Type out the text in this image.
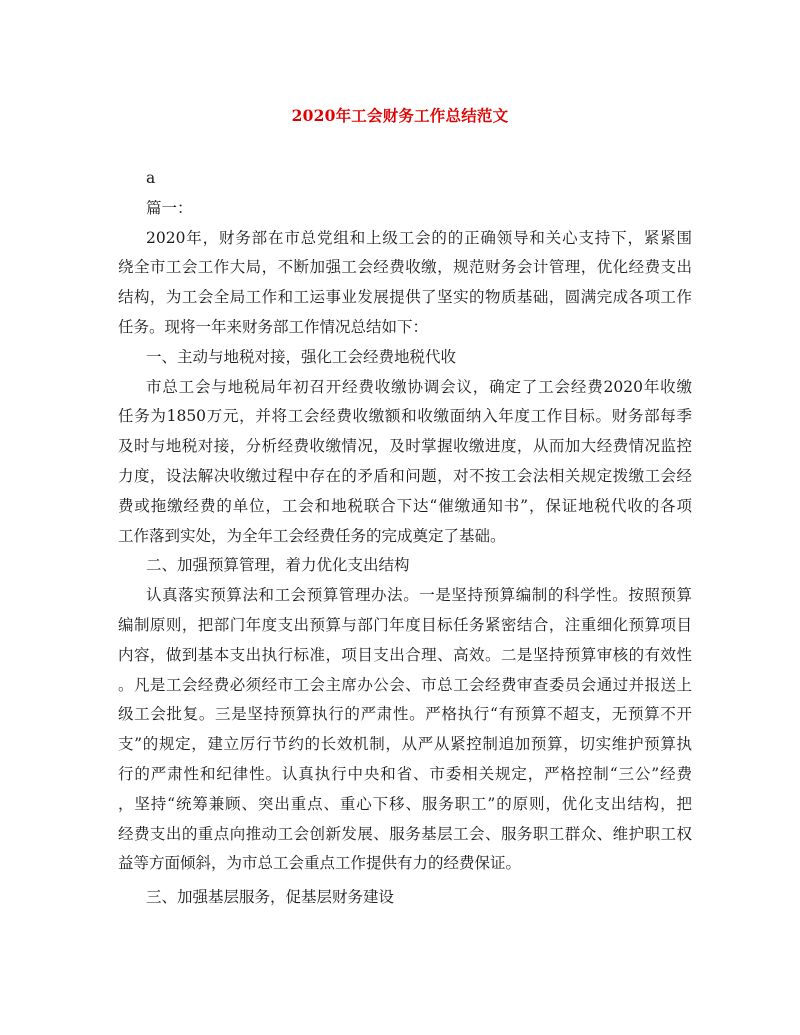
2020年工会财务工作总结范文
a
篇一：
2020年，财务部在市总党组和上级工会的的正确领导和关心支持下，紧紧围
绕全市工会工作大局，不断加强工会经费收缴，规范财务会计管理，优化经费支出
结构，为工会全局工作和工运事业发展提供了坚实的物质基础，圆满完成各项工作
任务。现将一年来财务部工作情况总结如下：
一、主动与地税对接，强化工会经费地税代收
市总工会与地税局年初召开经费收缴协调会议，确定了工会经费2020年收缴
任务为1850万元，并将工会经费收缴额和收缴面纳入年度工作目标。财务部每季
及时与地税对接，分析经费收缴情况，及时掌握收缴进度，从而加大经费情况监控
力度，设法解决收缴过程中存在的矛盾和问题，对不按工会法相关规定拨缴工会经
费或拖缴经费的单位，工会和地税联合下达“催缴通知书”，保证地税代收的各项
工作落到实处，为全年工会经费任务的完成奠定了基础。
二、加强预算管理，着力优化支出结构
认真落实预算法和工会预算管理办法。一是坚持预算编制的科学性。按照预算
编制原则，把部门年度支出预算与部门年度目标任务紧密结合，注重细化预算项目
内容，做到基本支出执行标准，项目支出合理、高效。二是坚持预算审核的有效性
。凡是工会经费必须经市工会主席办公会、市总工会经费审查委员会通过并报送上
级工会批复。三是坚持预算执行的严肃性。严格执行“有预算不超支，无预算不开
支”的规定，建立厉行节约的长效机制，从严从紧控制追加预算，切实维护预算执
行的严肃性和纪律性。认真执行中央和省、市委相关规定，严格控制“三公”经费
，坚持“统筹兼顾、突出重点、重心下移、服务职工”的原则，优化支出结构，把
经费支出的重点向推动工会创新发展、服务基层工会、服务职工群众、维护职工权
益等方面倾斜，为市总工会重点工作提供有力的经费保证。
三、加强基层服务，促基层财务建设
